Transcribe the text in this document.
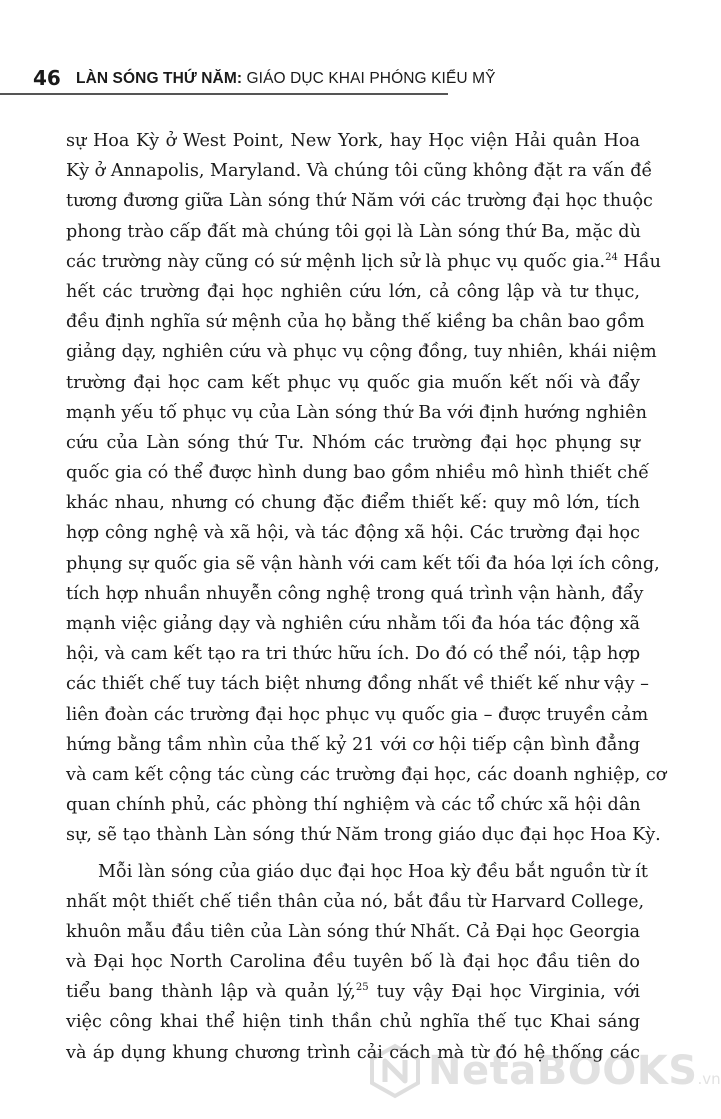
46 LÀN SÓNG THỨ NĂM: GIÁO DỤC KHAI PHÓNG KIỂU MỸ
sự Hoa Kỳ ở West Point, New York, hay Học viện Hải quân Hoa
Kỳ ở Annapolis, Maryland. Và chúng tôi cũng không đặt ra vấn đề
tương đương giữa Làn sóng thứ Năm với các trường đại học thuộc
phong trào cấp đất mà chúng tôi gọi là Làn sóng thứ Ba, mặc dù
các trường này cũng có sứ mệnh lịch sử là phục vụ quốc gia.$^{24}$ Hầu
hết các trường đại học nghiên cứu lớn, cả công lập và tư thục,
đều định nghĩa sứ mệnh của họ bằng thế kiềng ba chân bao gồm
giảng dạy, nghiên cứu và phục vụ cộng đồng, tuy nhiên, khái niệm
trường đại học cam kết phục vụ quốc gia muốn kết nối và đẩy
mạnh yếu tố phục vụ của Làn sóng thứ Ba với định hướng nghiên
cứu của Làn sóng thứ Tư. Nhóm các trường đại học phụng sự
quốc gia có thể được hình dung bao gồm nhiều mô hình thiết chế
khác nhau, nhưng có chung đặc điểm thiết kế: quy mô lớn, tích
hợp công nghệ và xã hội, và tác động xã hội. Các trường đại học
phụng sự quốc gia sẽ vận hành với cam kết tối đa hóa lợi ích công,
tích hợp nhuần nhuyễn công nghệ trong quá trình vận hành, đẩy
mạnh việc giảng dạy và nghiên cứu nhằm tối đa hóa tác động xã
hội, và cam kết tạo ra tri thức hữu ích. Do đó có thể nói, tập hợp
các thiết chế tuy tách biệt nhưng đồng nhất về thiết kế như vậy –
liên đoàn các trường đại học phục vụ quốc gia – được truyền cảm
hứng bằng tầm nhìn của thế kỷ 21 với cơ hội tiếp cận bình đẳng
và cam kết cộng tác cùng các trường đại học, các doanh nghiệp, cơ
quan chính phủ, các phòng thí nghiệm và các tổ chức xã hội dân
sự, sẽ tạo thành Làn sóng thứ Năm trong giáo dục đại học Hoa Kỳ.
Mỗi làn sóng của giáo dục đại học Hoa kỳ đều bắt nguồn từ ít
nhất một thiết chế tiền thân của nó, bắt đầu từ Harvard College,
khuôn mẫu đầu tiên của Làn sóng thứ Nhất. Cả Đại học Georgia
và Đại học North Carolina đều tuyên bố là đại học đầu tiên do
tiểu bang thành lập và quản lý,$^{25}$ tuy vậy Đại học Virginia, với
việc công khai thể hiện tinh thần chủ nghĩa thế tục Khai sáng
và áp dụng khung chương trình cải cách mà từ đó hệ thống các
NetaBOOKS.vn
